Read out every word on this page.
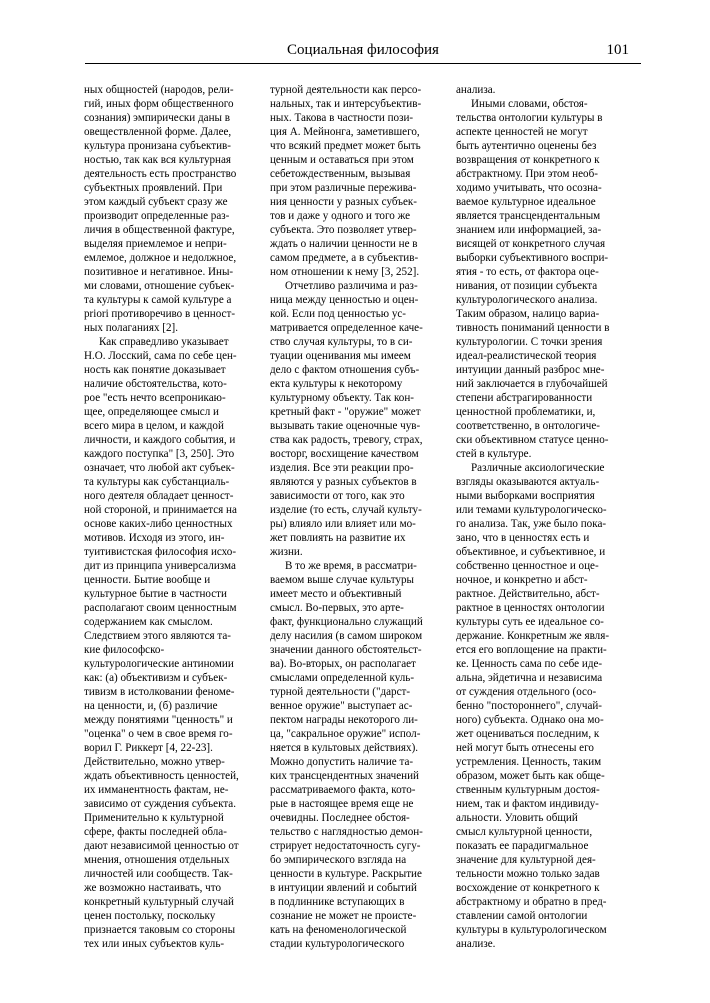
Социальная философия	101

ных общностей (народов, рели-
гий, иных форм общественного
сознания) эмпирически даны в
овеществленной форме. Далее,
культура пронизана субъектив-
ностью, так как вся культурная
деятельность есть пространство
субъектных проявлений. При
этом каждый субъект сразу же
производит определенные раз-
личия в общественной фактуре,
выделяя приемлемое и непри-
емлемое, должное и недолжное,
позитивное и негативное. Ины-
ми словами, отношение субъек-
та культуры к самой культуре a
priori противоречиво в ценност-
ных полаганиях [2].

Как справедливо указывает
Н.О. Лосский, сама по себе цен-
ность как понятие доказывает
наличие обстоятельства, кото-
рое "есть нечто всепроникаю-
щее, определяющее смысл и
всего мира в целом, и каждой
личности, и каждого события, и
каждого поступка" [3, 250]. Это
означает, что любой акт субъек-
та культуры как субстанциаль-
ного деятеля обладает ценност-
ной стороной, и принимается на
основе каких-либо ценностных
мотивов. Исходя из этого, ин-
туитивистская философия исхо-
дит из принципа универсализма
ценности. Бытие вообще и
культурное бытие в частности
располагают своим ценностным
содержанием как смыслом.
Следствием этого являются та-
кие философско-
культурологические антиномии
как: (а) объективизм и субъек-
тивизм в истолковании феноме-
на ценности, и, (б) различие
между понятиями "ценность" и
"оценка" о чем в свое время го-
ворил Г. Риккерт [4, 22-23].
Действительно, можно утвер-
ждать объективность ценностей,
их имманентность фактам, не-
зависимо от суждения субъекта.
Применительно к культурной
сфере, факты последней обла-
дают независимой ценностью от
мнения, отношения отдельных
личностей или сообществ. Так-
же возможно настаивать, что
конкретный культурный случай
ценен постольку, поскольку
признается таковым со стороны
тех или иных субъектов куль-

турной деятельности как персо-
нальных, так и интерсубъектив-
ных. Такова в частности пози-
ция А. Мейнонга, заметившего,
что всякий предмет может быть
ценным и оставаться при этом
себетождественным, вызывая
при этом различные пережива-
ния ценности у разных субъек-
тов и даже у одного и того же
субъекта. Это позволяет утвер-
ждать о наличии ценности не в
самом предмете, а в субъектив-
ном отношении к нему [3, 252].

Отчетливо различима и раз-
ница между ценностью и оцен-
кой. Если под ценностью ус-
матривается определенное каче-
ство случая культуры, то в си-
туации оценивания мы имеем
дело с фактом отношения субъ-
екта культуры к некоторому
культурному объекту. Так кон-
кретный факт - "оружие" может
вызывать такие оценочные чув-
ства как радость, тревогу, страх,
восторг, восхищение качеством
изделия. Все эти реакции про-
являются у разных субъектов в
зависимости от того, как это
изделие (то есть, случай культу-
ры) влияло или влияет или мо-
жет повлиять на развитие их
жизни.

В то же время, в рассматри-
ваемом выше случае культуры
имеет место и объективный
смысл. Во-первых, это арте-
факт, функционально служащий
делу насилия (в самом широком
значении данного обстоятельст-
ва). Во-вторых, он располагает
смыслами определенной куль-
турной деятельности ("дарст-
венное оружие" выступает ас-
пектом награды некоторого ли-
ца, "сакральное оружие" испол-
няется в культовых действиях).
Можно допустить наличие та-
ких трансцендентных значений
рассматриваемого факта, кото-
рые в настоящее время еще не
очевидны. Последнее обстоя-
тельство с наглядностью демон-
стрирует недостаточность сугу-
бо эмпирического взгляда на
ценности в культуре. Раскрытие
в интуиции явлений и событий
в подлиннике вступающих в
сознание не может не происте-
кать на феноменологической
стадии культурологического

анализа.

Иными словами, обстоя-
тельства онтологии культуры в
аспекте ценностей не могут
быть аутентично оценены без
возвращения от конкретного к
абстрактному. При этом необ-
ходимо учитывать, что осозна-
ваемое культурное идеальное
является трансцендентальным
знанием или информацией, за-
висящей от конкретного случая
выборки субъективного воспри-
ятия - то есть, от фактора оце-
нивания, от позиции субъекта
культурологического анализа.
Таким образом, налицо вариа-
тивность пониманий ценности в
культурологии. С точки зрения
идеал-реалистической теория
интуиции данный разброс мне-
ний заключается в глубочайшей
степени абстрагированности
ценностной проблематики, и,
соответственно, в онтологиче-
ски объективном статусе ценно-
стей в культуре.

Различные аксиологические
взгляды оказываются актуаль-
ными выборками восприятия
или темами культурологическо-
го анализа. Так, уже было пока-
зано, что в ценностях есть и
объективное, и субъективное, и
собственно ценностное и оце-
ночное, и конкретно и абст-
рактное. Действительно, абст-
рактное в ценностях онтологии
культуры суть ее идеальное со-
держание. Конкретным же явля-
ется его воплощение на практи-
ке. Ценность сама по себе иде-
альна, эйдетична и независима
от суждения отдельного (осо-
бенно "постороннего", случай-
ного) субъекта. Однако она мо-
жет оцениваться последним, к
ней могут быть отнесены его
устремления. Ценность, таким
образом, может быть как обще-
ственным культурным достоя-
нием, так и фактом индивиду-
альности. Уловить общий
смысл культурной ценности,
показать ее парадигмальное
значение для культурной дея-
тельности можно только задав
восхождение от конкретного к
абстрактному и обратно в пред-
ставлении самой онтологии
культуры в культурологическом
анализе.
